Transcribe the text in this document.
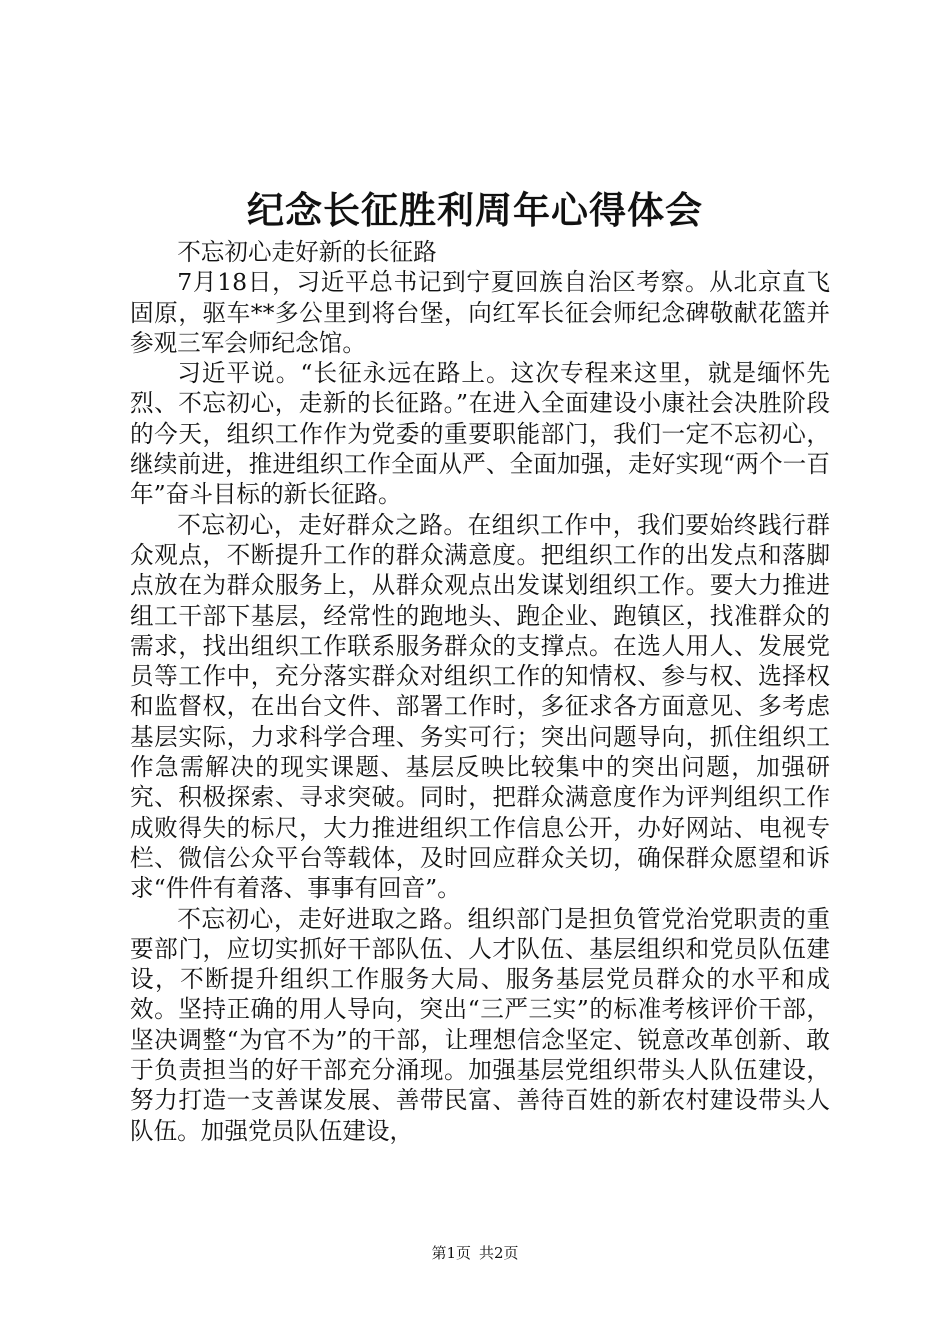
纪念长征胜利周年心得体会

不忘初心走好新的长征路

7月18日，习近平总书记到宁夏回族自治区考察。从北京直飞固原，驱车**多公里到将台堡，向红军长征会师纪念碑敬献花篮并参观三军会师纪念馆。

习近平说。“长征永远在路上。这次专程来这里，就是缅怀先烈、不忘初心，走新的长征路。”在进入全面建设小康社会决胜阶段的今天，组织工作作为党委的重要职能部门，我们一定不忘初心，继续前进，推进组织工作全面从严、全面加强，走好实现“两个一百年”奋斗目标的新长征路。

不忘初心，走好群众之路。在组织工作中，我们要始终践行群众观点，不断提升工作的群众满意度。把组织工作的出发点和落脚点放在为群众服务上，从群众观点出发谋划组织工作。要大力推进组工干部下基层，经常性的跑地头、跑企业、跑镇区，找准群众的需求，找出组织工作联系服务群众的支撑点。在选人用人、发展党员等工作中，充分落实群众对组织工作的知情权、参与权、选择权和监督权，在出台文件、部署工作时，多征求各方面意见、多考虑基层实际，力求科学合理、务实可行；突出问题导向，抓住组织工作急需解决的现实课题、基层反映比较集中的突出问题，加强研究、积极探索、寻求突破。同时，把群众满意度作为评判组织工作成败得失的标尺，大力推进组织工作信息公开，办好网站、电视专栏、微信公众平台等载体，及时回应群众关切，确保群众愿望和诉求“件件有着落、事事有回音”。

不忘初心，走好进取之路。组织部门是担负管党治党职责的重要部门，应切实抓好干部队伍、人才队伍、基层组织和党员队伍建设，不断提升组织工作服务大局、服务基层党员群众的水平和成效。坚持正确的用人导向，突出“三严三实”的标准考核评价干部，坚决调整“为官不为”的干部，让理想信念坚定、锐意改革创新、敢于负责担当的好干部充分涌现。加强基层党组织带头人队伍建设，努力打造一支善谋发展、善带民富、善待百姓的新农村建设带头人队伍。加强党员队伍建设，

第1页 共2页
